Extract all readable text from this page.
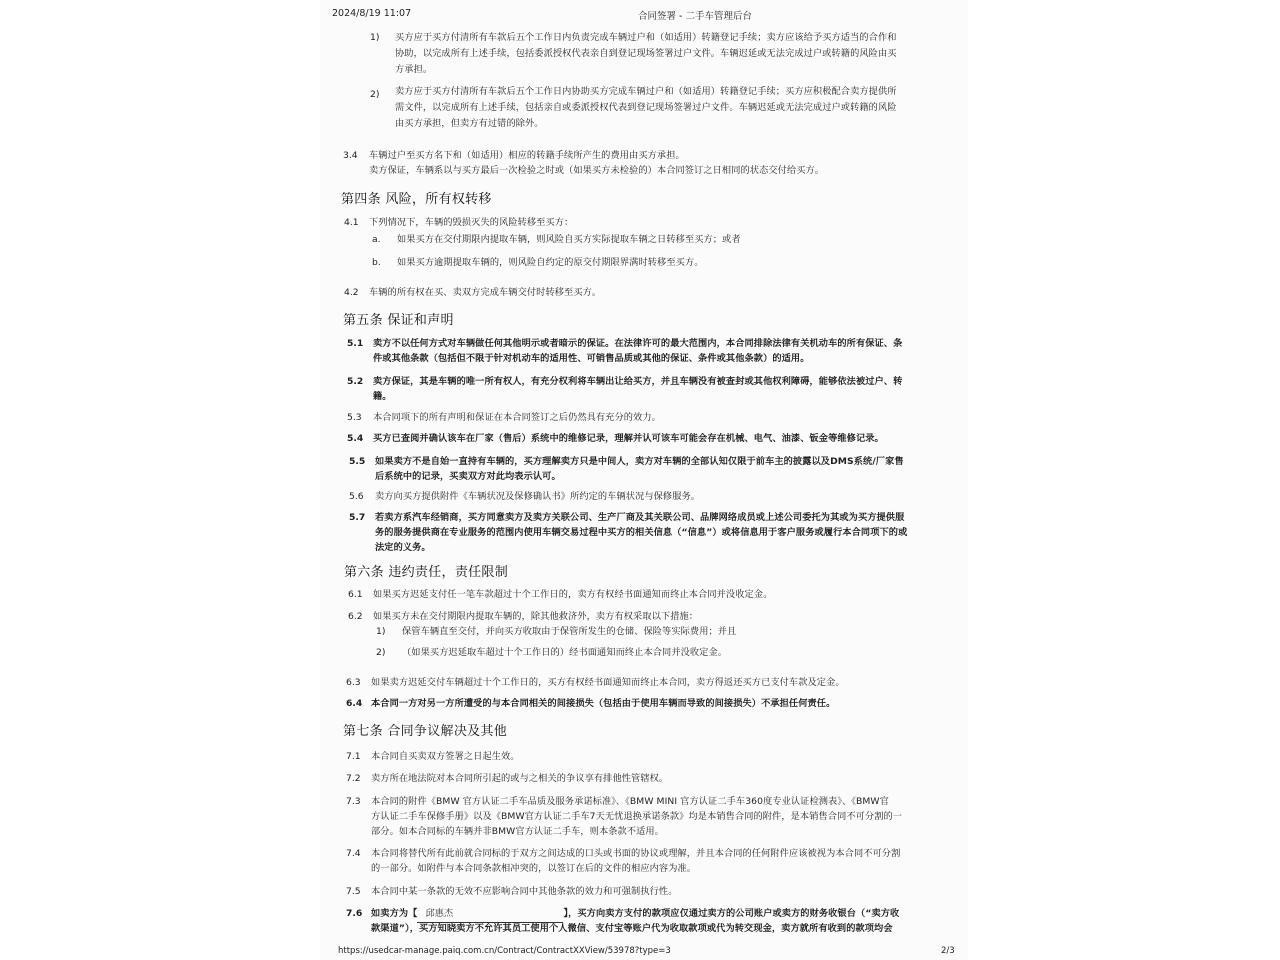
2024/8/19 11:07	合同签署 - 二手车管理后台
1) 买方应于买方付清所有车款后五个工作日内负责完成车辆过户和（如适用）转籍登记手续；卖方应该给予买方适当的合作和
协助，以完成所有上述手续，包括委派授权代表亲自到登记现场签署过户文件。车辆迟延或无法完成过户或转籍的风险由买
方承担。
2) 卖方应于买方付清所有车款后五个工作日内协助买方完成车辆过户和（如适用）转籍登记手续；买方应积极配合卖方提供所
需文件，以完成所有上述手续，包括亲自或委派授权代表到登记现场签署过户文件。车辆迟延或无法完成过户或转籍的风险
由买方承担，但卖方有过错的除外。
3.4 车辆过户至买方名下和（如适用）相应的转籍手续所产生的费用由买方承担。
卖方保证，车辆系以与买方最后一次检验之时或（如果买方未检验的）本合同签订之日相同的状态交付给买方。
第四条 风险，所有权转移
4.1 下列情况下，车辆的毁损灭失的风险转移至买方：
a. 如果买方在交付期限内提取车辆，则风险自买方实际提取车辆之日转移至买方；或者
b. 如果买方逾期提取车辆的，则风险自约定的原交付期限界满时转移至买方。
4.2 车辆的所有权在买、卖双方完成车辆交付时转移至买方。
第五条 保证和声明
5.1 卖方不以任何方式对车辆做任何其他明示或者暗示的保证。在法律许可的最大范围内，本合同排除法律有关机动车的所有保证、条
件或其他条款（包括但不限于针对机动车的适用性、可销售品质或其他的保证、条件或其他条款）的适用。
5.2 卖方保证，其是车辆的唯一所有权人，有充分权利将车辆出让给买方，并且车辆没有被查封或其他权利障碍，能够依法被过户、转
籍。
5.3 本合同项下的所有声明和保证在本合同签订之后仍然具有充分的效力。
5.4 买方已查阅并确认该车在厂家（售后）系统中的维修记录，理解并认可该车可能会存在机械、电气、油漆、钣金等维修记录。
5.5 如果卖方不是自始一直持有车辆的，买方理解卖方只是中间人，卖方对车辆的全部认知仅限于前车主的披露以及DMS系统/厂家售
后系统中的记录，买卖双方对此均表示认可。
5.6 卖方向买方提供附件《车辆状况及保修确认书》所约定的车辆状况与保修服务。
5.7 若卖方系汽车经销商，买方同意卖方及卖方关联公司、生产厂商及其关联公司、品牌网络成员或上述公司委托为其或为买方提供服
务的服务提供商在专业服务的范围内使用车辆交易过程中买方的相关信息（“信息”）或将信息用于客户服务或履行本合同项下的或
法定的义务。
第六条 违约责任，责任限制
6.1 如果买方迟延支付任一笔车款超过十个工作日的，卖方有权经书面通知而终止本合同并没收定金。
6.2 如果买方未在交付期限内提取车辆的，除其他救济外，卖方有权采取以下措施：
1) 保管车辆直至交付，并向买方收取由于保管所发生的仓储、保险等实际费用；并且
2) （如果买方迟延取车超过十个工作日的）经书面通知而终止本合同并没收定金。
6.3 如果卖方迟延交付车辆超过十个工作日的，买方有权经书面通知而终止本合同，卖方得返还买方已支付车款及定金。
6.4 本合同一方对另一方所遭受的与本合同相关的间接损失（包括由于使用车辆而导致的间接损失）不承担任何责任。
第七条 合同争议解决及其他
7.1 本合同自买卖双方签署之日起生效。
7.2 卖方所在地法院对本合同所引起的或与之相关的争议享有排他性管辖权。
7.3 本合同的附件《BMW 官方认证二手车品质及服务承诺标准》、《BMW MINI 官方认证二手车360度专业认证检测表》、《BMW官
方认证二手车保修手册》以及《BMW官方认证二手车7天无忧退换承诺条款》均是本销售合同的附件，是本销售合同不可分割的一
部分。如本合同标的车辆并非BMW官方认证二手车，则本条款不适用。
7.4 本合同将替代所有此前就合同标的于双方之间达成的口头或书面的协议或理解，并且本合同的任何附件应该被视为本合同不可分割
的一部分。如附件与本合同条款相冲突的，以签订在后的文件的相应内容为准。
7.5 本合同中某一条款的无效不应影响合同中其他条款的效力和可强制执行性。
7.6 如卖方为【 邱惠杰	】，买方向卖方支付的款项应仅通过卖方的公司账户或卖方的财务收银台（“卖方收
款渠道”），买方知晓卖方不允许其员工使用个人微信、支付宝等账户代为收取款项或代为转交现金，卖方就所有收到的款项均会
https://usedcar-manage.paiq.com.cn/Contract/ContractXXView/53978?type=3	2/3
